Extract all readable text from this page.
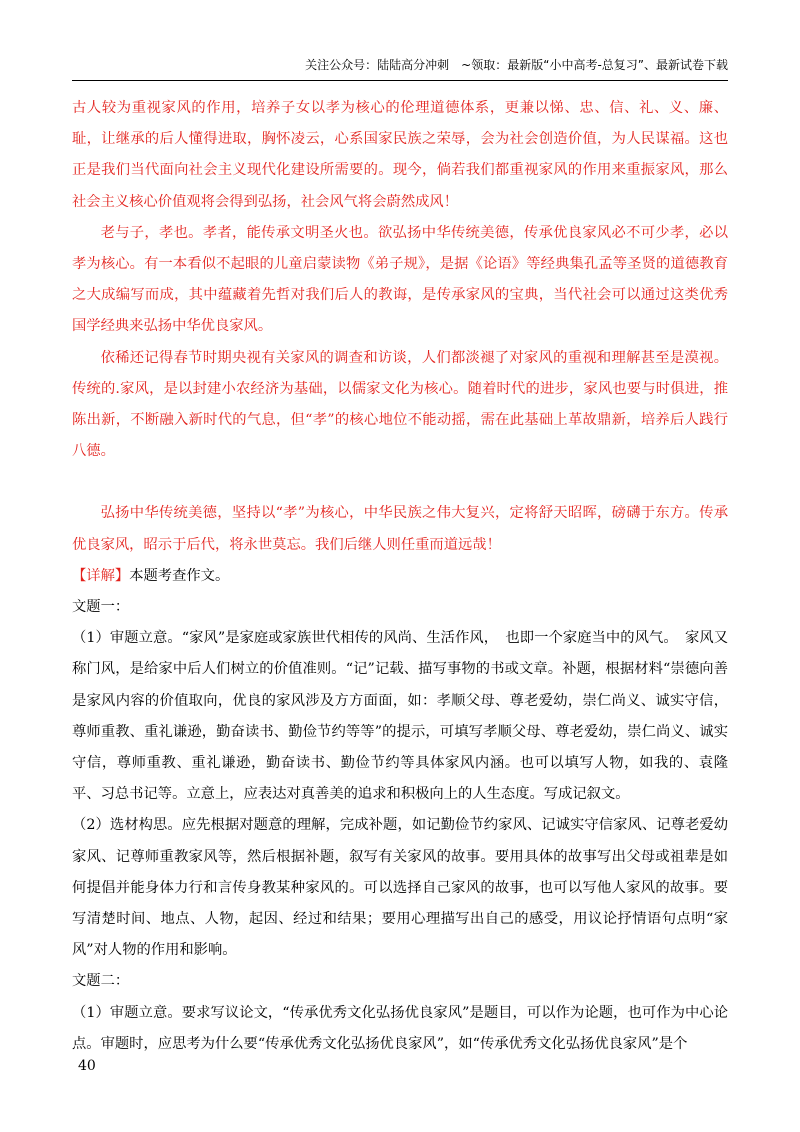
关注公众号：陆陆高分冲刺　~领取：最新版“小中高考-总复习”、最新试卷下载

古人较为重视家风的作用，培养子女以孝为核心的伦理道德体系，更兼以悌、忠、信、礼、义、廉、耻，让继承的后人懂得进取，胸怀凌云，心系国家民族之荣辱，会为社会创造价值，为人民谋福。这也正是我们当代面向社会主义现代化建设所需要的。现今，倘若我们都重视家风的作用来重振家风，那么社会主义核心价值观将会得到弘扬，社会风气将会蔚然成风！

老与子，孝也。孝者，能传承文明圣火也。欲弘扬中华传统美德，传承优良家风必不可少孝，必以孝为核心。有一本看似不起眼的儿童启蒙读物《弟子规》，是据《论语》等经典集孔孟等圣贤的道德教育之大成编写而成，其中蕴藏着先哲对我们后人的教诲，是传承家风的宝典，当代社会可以通过这类优秀国学经典来弘扬中华优良家风。

依稀还记得春节时期央视有关家风的调查和访谈，人们都淡褪了对家风的重视和理解甚至是漠视。传统的.家风，是以封建小农经济为基础，以儒家文化为核心。随着时代的进步，家风也要与时俱进，推陈出新，不断融入新时代的气息，但“孝”的核心地位不能动摇，需在此基础上革故鼎新，培养后人践行八德。

弘扬中华传统美德，坚持以“孝”为核心，中华民族之伟大复兴，定将舒天昭晖，磅礴于东方。传承优良家风，昭示于后代，将永世莫忘。我们后继人则任重而道远哉！

【详解】本题考查作文。

文题一：

（1）审题立意。“家风”是家庭或家族世代相传的风尚、生活作风，　也即一个家庭当中的风气。　家风又称门风，是给家中后人们树立的价值准则。“记”记载、描写事物的书或文章。补题，根据材料“崇德向善是家风内容的价值取向，优良的家风涉及方方面面，如：孝顺父母、尊老爱幼，崇仁尚义、诚实守信，尊师重教、重礼谦逊，勤奋读书、勤俭节约等等”的提示，可填写孝顺父母、尊老爱幼，崇仁尚义、诚实守信，尊师重教、重礼谦逊，勤奋读书、勤俭节约等具体家风内涵。也可以填写人物，如我的、袁隆平、习总书记等。立意上，应表达对真善美的追求和积极向上的人生态度。写成记叙文。

（2）选材构思。应先根据对题意的理解，完成补题，如记勤俭节约家风、记诚实守信家风、记尊老爱幼家风、记尊师重教家风等，然后根据补题，叙写有关家风的故事。要用具体的故事写出父母或祖辈是如何提倡并能身体力行和言传身教某种家风的。可以选择自己家风的故事，也可以写他人家风的故事。要写清楚时间、地点、人物，起因、经过和结果；要用心理描写出自己的感受，用议论抒情语句点明“家风”对人物的作用和影响。

文题二：

（1）审题立意。要求写议论文，“传承优秀文化弘扬优良家风”是题目，可以作为论题，也可作为中心论点。审题时，应思考为什么要“传承优秀文化弘扬优良家风”，如“传承优秀文化弘扬优良家风”是个

40
